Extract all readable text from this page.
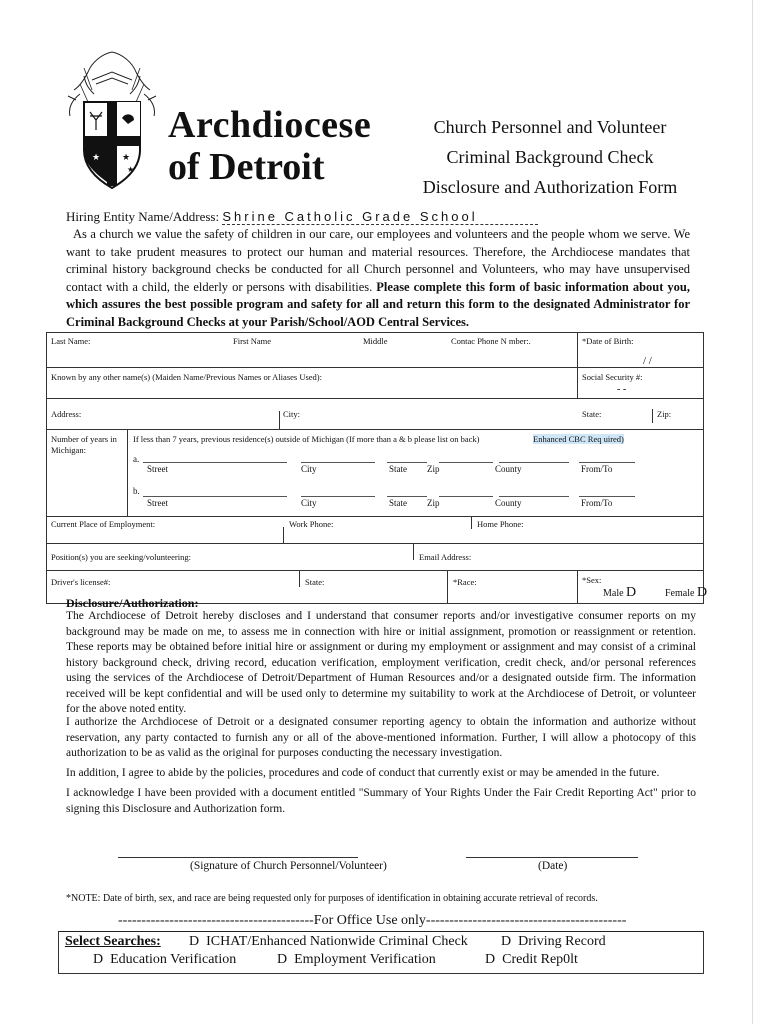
★ ★
★
Archdiocese
of Detroit
Church Personnel and Volunteer
Criminal Background Check
Disclosure and Authorization Form
Hiring Entity Name/Address: Shrine Catholic Grade School
As a church we value the safety of children in our care, our employees and volunteers and the people whom we serve. We want to take prudent measures to protect our human and material resources. Therefore, the Archdiocese mandates that criminal history background checks be conducted for all Church personnel and Volunteers, who may have unsupervised contact with a child, the elderly or persons with disabilities. Please complete this form of basic information about you, which assures the best possible program and safety for all and return this form to the designated Administrator for Criminal Background Checks at your Parish/School/AOD Central Services.
Last Name:	First Name	Middle	Contac Phone N mber:.	*Date of Birth:
/ /
Known by any other name(s) (Maiden Name/Previous Names or Aliases Used):	Social Security #:
- -
Address:	City:	State:	Zip:
Number of years in Michigan:
If less than 7 years, previous residence(s) outside of Michigan (If more than a & b please list on back)	Enhanced CBC Req uired)
a.
Street	City	State Zip	County	From/To
b.
Street	City	State Zip	County	From/To
Current Place of Employment:	Work Phone:	Home Phone:
Position(s) you are seeking/volunteering:	Email Address:
Driver's license#:	State:	*Race:	*Sex:
Male D	Female D
Disclosure/Authorization:
The Archdiocese of Detroit hereby discloses and I understand that consumer reports and/or investigative consumer reports on my background may be made on me, to assess me in connection with hire or initial assignment, promotion or reassignment or retention. These reports may be obtained before initial hire or assignment or during my employment or assignment and may consist of a criminal history background check, driving record, education verification, employment verification, credit check, and/or personal references using the services of the Archdiocese of Detroit/Department of Human Resources and/or a designated outside firm. The information received will be kept confidential and will be used only to determine my suitability to work at the Archdiocese of Detroit, or volunteer for the above noted entity.
I authorize the Archdiocese of Detroit or a designated consumer reporting agency to obtain the information and authorize without reservation, any party contacted to furnish any or all of the above-mentioned information. Further, I will allow a photocopy of this authorization to be as valid as the original for purposes conducting the necessary investigation.
In addition, I agree to abide by the policies, procedures and code of conduct that currently exist or may be amended in the future.
I acknowledge I have been provided with a document entitled "Summary of Your Rights Under the Fair Credit Reporting Act" prior to signing this Disclosure and Authorization form.
(Signature of Church Personnel/Volunteer)	(Date)
*NOTE: Date of birth, sex, and race are being requested only for purposes of identification in obtaining accurate retrieval of records.
------------------------------------------For Office Use only-------------------------------------------
Select Searches: D ICHAT/Enhanced Nationwide Criminal Check D Driving Record
D Education Verification	D Employment Verification	D Credit Rep0lt
